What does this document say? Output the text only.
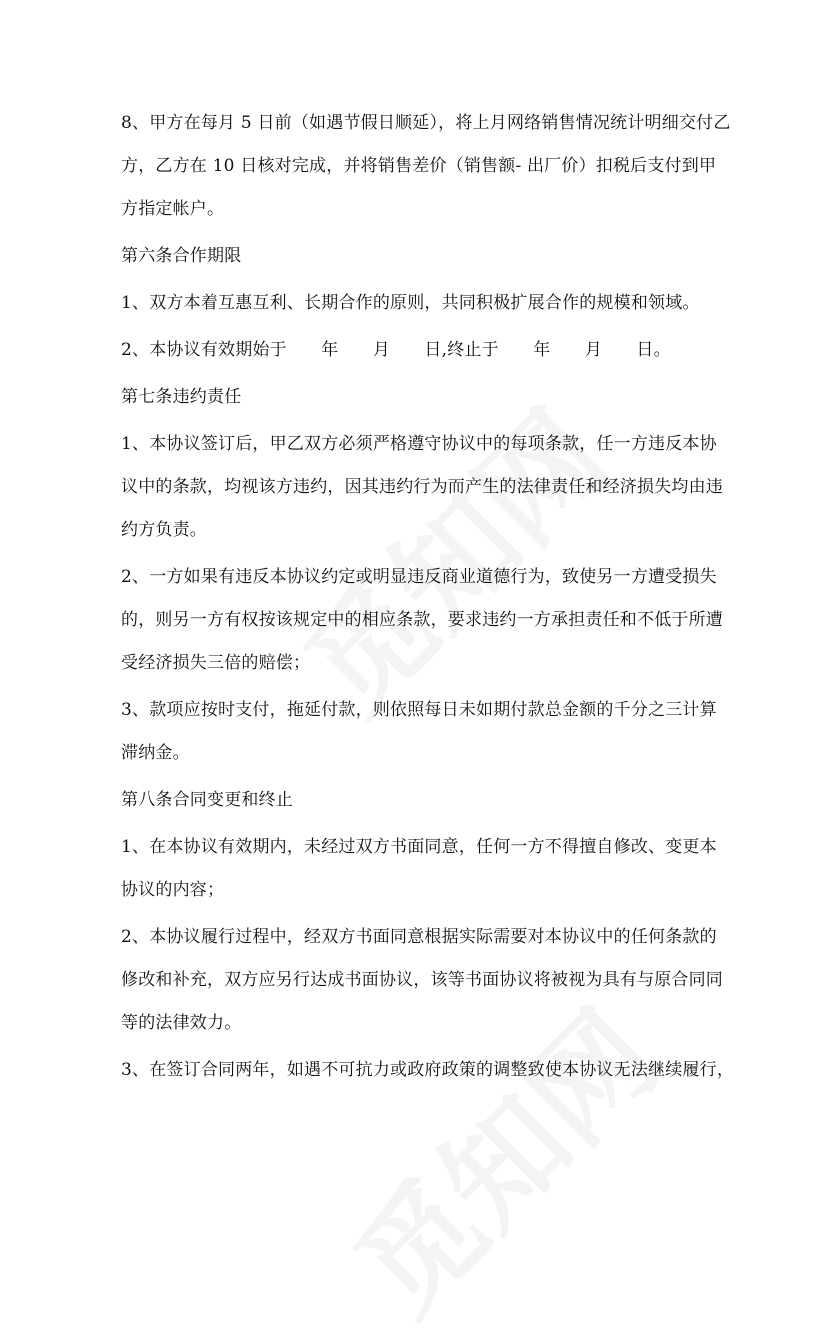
8、甲方在每月 5 日前（如遇节假日顺延），将上月网络销售情况统计明细交付乙
方，乙方在 10 日核对完成，并将销售差价（销售额- 出厂价）扣税后支付到甲
方指定帐户。
第六条合作期限
1、双方本着互惠互利、长期合作的原则，共同积极扩展合作的规模和领域。
2、本协议有效期始于　　年　　月　　日,终止于　　年　　月　　日。
第七条违约责任
1、本协议签订后，甲乙双方必须严格遵守协议中的每项条款，任一方违反本协
议中的条款，均视该方违约，因其违约行为而产生的法律责任和经济损失均由违
约方负责。
2、一方如果有违反本协议约定或明显违反商业道德行为，致使另一方遭受损失
的，则另一方有权按该规定中的相应条款，要求违约一方承担责任和不低于所遭
受经济损失三倍的赔偿；
3、款项应按时支付，拖延付款，则依照每日未如期付款总金额的千分之三计算
滞纳金。
第八条合同变更和终止
1、在本协议有效期内，未经过双方书面同意，任何一方不得擅自修改、变更本
协议的内容；
2、本协议履行过程中，经双方书面同意根据实际需要对本协议中的任何条款的
修改和补充，双方应另行达成书面协议，该等书面协议将被视为具有与原合同同
等的法律效力。
3、在签订合同两年，如遇不可抗力或政府政策的调整致使本协议无法继续履行，
